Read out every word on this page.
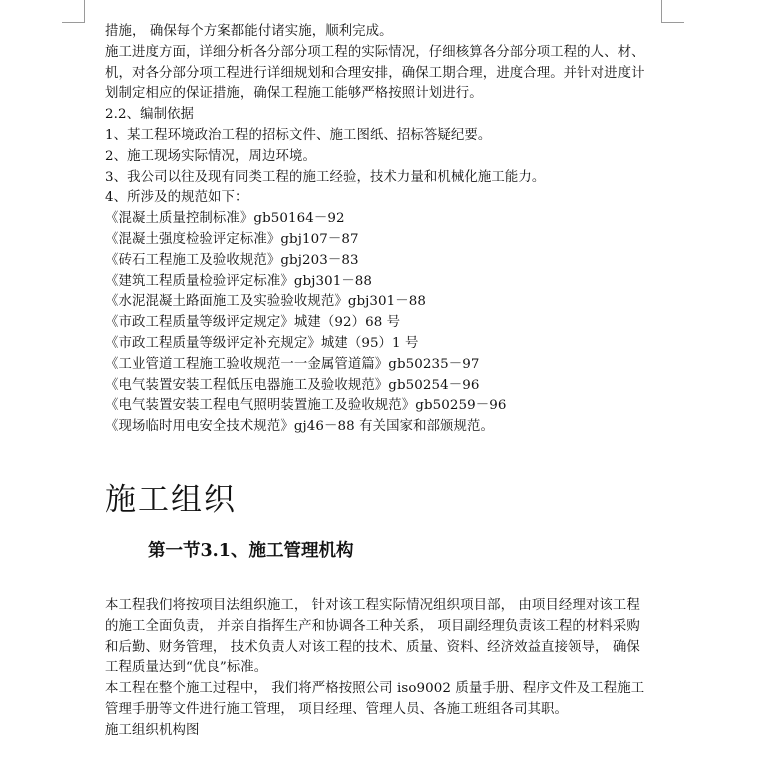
措施， 确保每个方案都能付诸实施，顺利完成。
施工进度方面，详细分析各分部分项工程的实际情况，仔细核算各分部分项工程的人、材、
机，对各分部分项工程进行详细规划和合理安排，确保工期合理，进度合理。并针对进度计
划制定相应的保证措施，确保工程施工能够严格按照计划进行。
2.2、编制依据
1、某工程环境政治工程的招标文件、施工图纸、招标答疑纪要。
2、施工现场实际情况，周边环境。
3、我公司以往及现有同类工程的施工经验，技术力量和机械化施工能力。
4、所涉及的规范如下：
《混凝土质量控制标准》gb50164－92
《混凝土强度检验评定标准》gbj107－87
《砖石工程施工及验收规范》gbj203－83
《建筑工程质量检验评定标准》gbj301－88
《水泥混凝土路面施工及实验验收规范》gbj301－88
《市政工程质量等级评定规定》城建（92）68 号
《市政工程质量等级评定补充规定》城建（95）1 号
《工业管道工程施工验收规范一一金属管道篇》gb50235－97
《电气装置安装工程低压电器施工及验收规范》gb50254－96
《电气装置安装工程电气照明装置施工及验收规范》gb50259－96
《现场临时用电安全技术规范》gj46－88 有关国家和部颁规范。
施工组织
第一节3.1、施工管理机构
本工程我们将按项目法组织施工， 针对该工程实际情况组织项目部， 由项目经理对该工程
的施工全面负责， 并亲自指挥生产和协调各工种关系， 项目副经理负责该工程的材料采购
和后勤、财务管理， 技术负责人对该工程的技术、质量、资料、经济效益直接领导， 确保
工程质量达到“优良”标准。
本工程在整个施工过程中， 我们将严格按照公司 iso9002 质量手册、程序文件及工程施工
管理手册等文件进行施工管理， 项目经理、管理人员、各施工班组各司其职。
施工组织机构图
